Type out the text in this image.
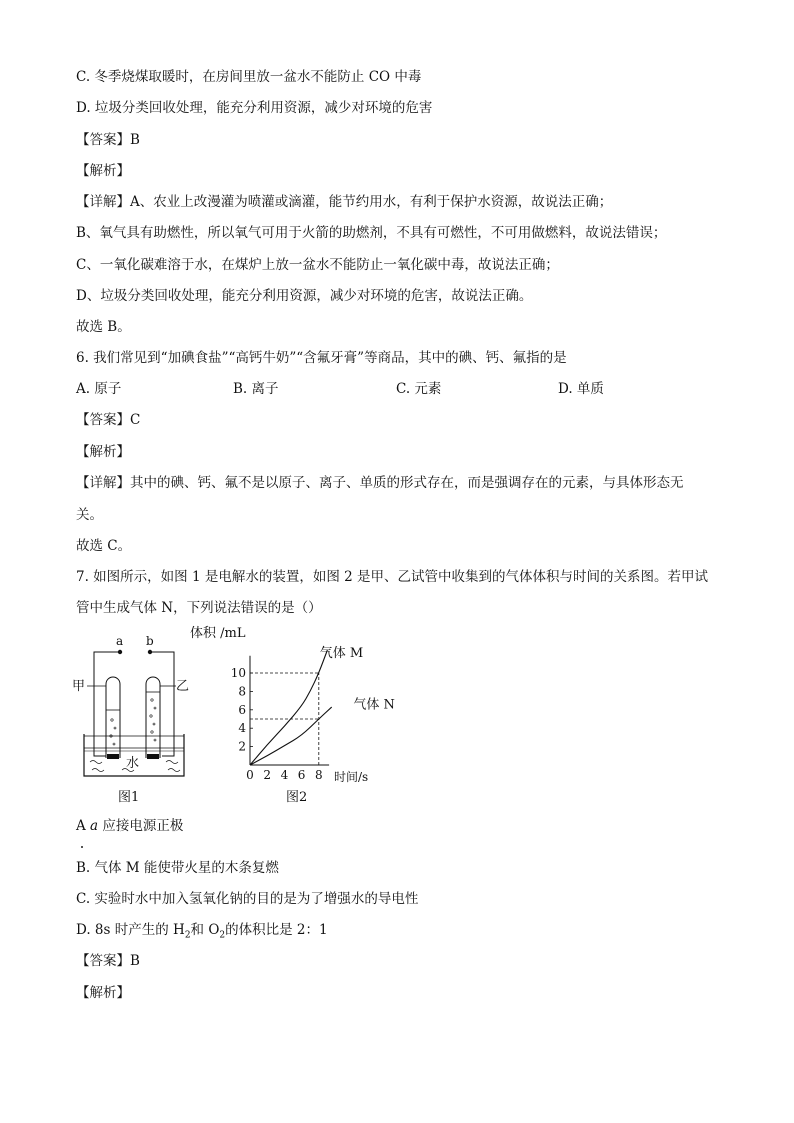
C. 冬季烧煤取暖时，在房间里放一盆水不能防止 CO 中毒
D. 垃圾分类回收处理，能充分利用资源，减少对环境的危害
【答案】B
【解析】
【详解】A、农业上改漫灌为喷灌或滴灌，能节约用水，有利于保护水资源，故说法正确；
B、氧气具有助燃性，所以氧气可用于火箭的助燃剂，不具有可燃性，不可用做燃料，故说法错误；
C、一氧化碳难溶于水，在煤炉上放一盆水不能防止一氧化碳中毒，故说法正确；
D、垃圾分类回收处理，能充分利用资源，减少对环境的危害，故说法正确。
故选 B。
6. 我们常见到“加碘食盐”“高钙牛奶”“含氟牙膏”等商品，其中的碘、钙、氟指的是
A. 原子	B. 离子	C. 元素	D. 单质
【答案】C
【解析】
【详解】其中的碘、钙、氟不是以原子、离子、单质的形式存在，而是强调存在的元素，与具体形态无
关。
故选 C。
7. 如图所示，如图 1 是电解水的装置，如图 2 是甲、乙试管中收集到的气体体积与时间的关系图。若甲试
管中生成气体 N，下列说法错误的是（）
a b
甲	乙
水
图1
体积 /mL
时间/s
图2
2
4
6
8
10
0 2 4 6 8
气体 M
气体 N
A a 应接电源正极
B. 气体 M 能使带火星的木条复燃
C. 实验时水中加入氢氧化钠的目的是为了增强水的导电性
D. 8s 时产生的 $H_2$和 $O_2$的体积比是 2：1
【答案】B
【解析】
